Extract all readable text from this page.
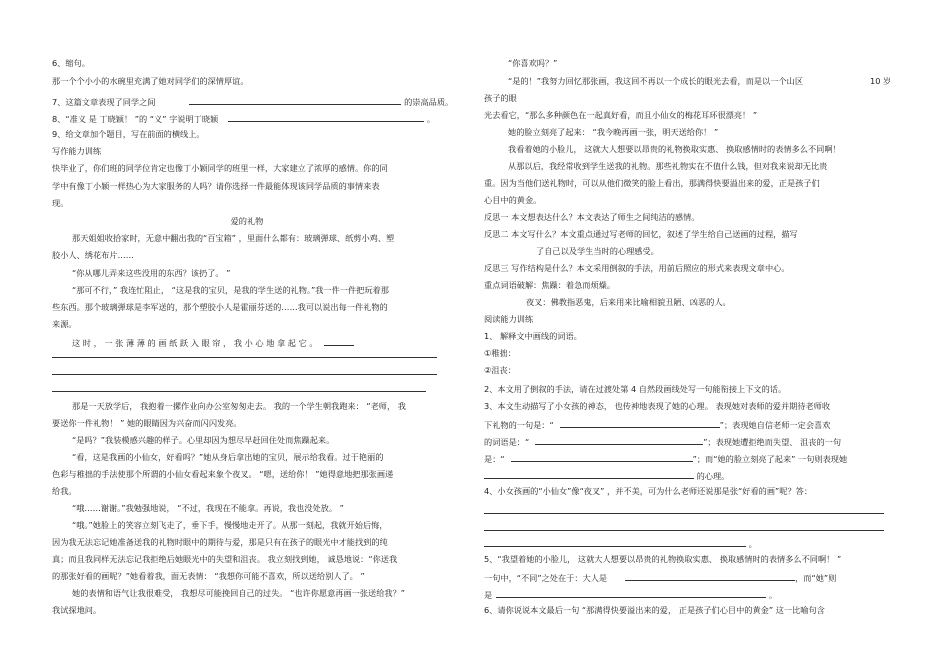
6、缩句。
那一个个小小的水碗里充满了她对同学们的深情厚谊。
7、这篇文章表现了同学之间	的崇高品质。
8、“准义 是 丁晓颖！ ”的 “义” 字说明丁晓颖	。
9、给文章加个题目，写在前面的横线上。
写作能力训练
快毕业了，你们班的同学位肯定也像丁小颖同学的班里一样，大家建立了浓厚的感情。你的同
学中有像丁小颖一样热心为大家服务的人吗？请你选择一件最能体现该同学品质的事情来表
现。
爱的礼物
那天姐姐收拾家时，无意中翻出我的“百宝箱” ，里面什么都有：玻璃弹球、纸剪小鸡、塑
胶小人、绣花布片……
“你从哪儿弄来这些没用的东西？该扔了。 ”
“那可不行，” 我连忙阻止， “这是我的宝贝，是我的学生送的礼物。”我一件一件把玩着那
些东西。那个玻璃弹球是李军送的，那个塑胶小人是霍丽芬送的……我可以说出每一件礼物的
来源。
这 时 ， 一 张 薄 薄 的 画 纸 跃 入 眼 帘 ， 我 小 心 地 拿 起 它 。
那是一天放学后， 我抱着一摞作业向办公室匆匆走去。 我的一个学生朝我跑来： “老师， 我
要送你一件礼物！ ” 她的眼睛因为兴奋而闪闪发亮。
“是吗？”我装模感兴趣的样子。心里却因为想尽早赶回住处而焦躁起来。
“看，这是我画的小仙女，好看吗？”她从身后拿出她的宝贝，展示给我看。过于艳丽的
色彩与稚拙的手法使那个所谓的小仙女看起来象个夜叉。 “嗯，送给你！ ”她得意地把那张画递
给我。
“哦……谢谢。”我勉强地说， “不过，我现在不能拿。再说，我也没处放。 ”
“哦。”她脸上的笑容立刻飞走了，垂下手，慢慢地走开了。从那一刻起，我就开始后悔，
因为我无法忘记她准备送我的礼物时眼中的期待与爱，那是只有在孩子的眼光中才能找到的纯
真；而且我同样无法忘记我拒绝后她眼光中的失望和沮丧。 我立刻找到她， 诚恳地说：“你送我
的那张好看的画呢？”她看着我，面无表情： “我想你可能不喜欢，所以送给别人了。 ”
她的表情和语气让我很难受， 我想尽可能挽回自己的过失。 “也许你愿意再画一张送给我？”
我试探地问。
“你喜欢吗？”
“是的！”我努力回忆那张画，我这回不再以一个成长的眼光去看，而是以一个山区	10 岁
孩子的眼
光去看它，“那么多种颜色在一起真好看，而且小仙女的梅花耳环很漂亮！ ”
她的脸立刻亮了起来： “我今晚再画一张，明天送给你！ ”
我看着她的小脸儿， 这就大人想要以昂贵的礼物换取实惠、 换取感情时的表情多么不同啊！
从那以后，我经常收到学生送我的礼物。那些礼物实在不值什么钱，但对我来说却无比贵
重。因为当他们送礼物时，可以从他们微笑的脸上看出，那满得快要溢出来的爱，正是孩子们
心目中的黄金。
反思一 本文想表达什么？本文表达了师生之间纯洁的感情。
反思二 本文写什么？本文重点通过写老师的回忆，叙述了学生给自己送画的过程，描写
了自己以及学生当时的心理感受。
反思三 写作结构是什么？本文采用倒叙的手法，用前后照应的形式来表现文章中心。
重点词语破解：焦躁：着急而烦燥。
夜叉：佛教指恶鬼，后来用来比喻相貌丑陋、凶恶的人。
阅读能力训练
1、 解释文中画线的词语。
①稚拙：
②沮丧：
2、本文用了倒叙的手法，请在过渡处第 4 自然段画线处写一句能衔接上下文的话。
3、本文生动描写了小女孩的神态， 也传神地表现了她的心理。 表现她对表师的爱并期待老师收
下礼物的一句是：“	”；表现她自信老师一定会喜欢
的词语是：“	”；表现她遭拒绝而失望、 沮丧的一句
是：“	”；而“她的脸立刻亮了起来” 一句则表现她
的心理。
4、小女孩画的“小仙女”像“夜叉” ，并不美，可为什么老师还说那是张“好看的画”呢？答：
。
5、“我望着她的小脸儿， 这就大人想要以昂贵的礼物换取实惠、 换取感情时的表情多么不同啊！ ”
一句中，“不同”之处在于：大人是	，而“她”则
是	。
6、请你说说本文最后一句 “那满得快要溢出来的爱， 正是孩子们心目中的黄金” 这一比喻句含
